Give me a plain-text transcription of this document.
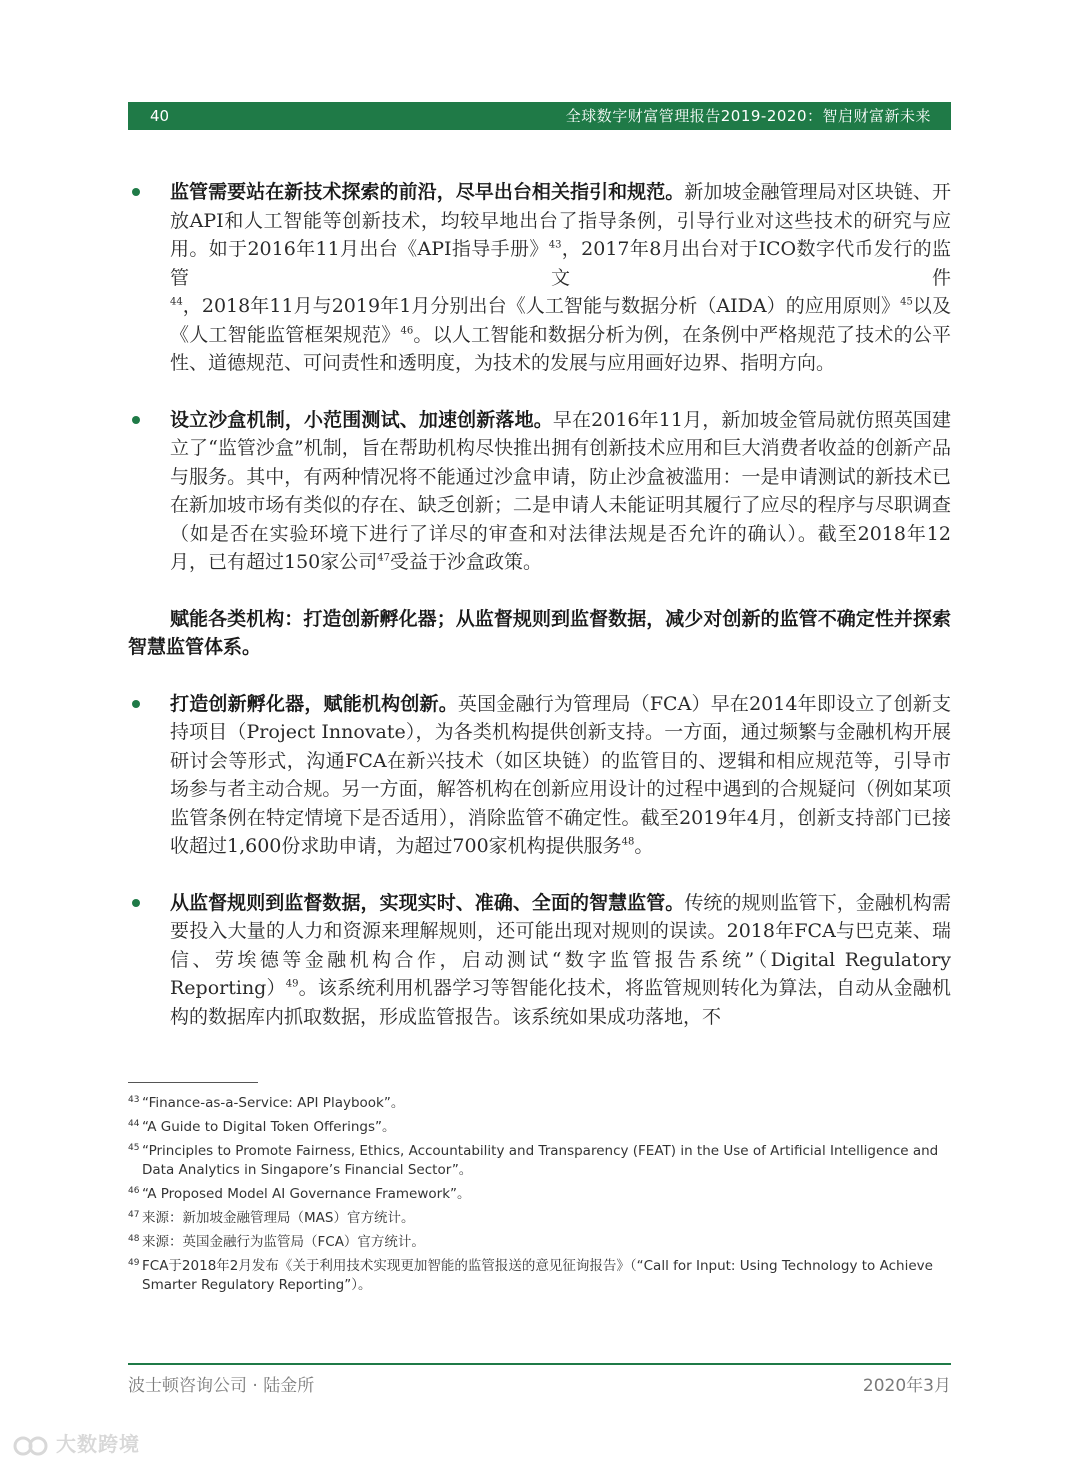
40	全球数字财富管理报告2019-2020：智启财富新未来

监管需要站在新技术探索的前沿，尽早出台相关指引和规范。新加坡金融管理局对区块链、开放API和人工智能等创新技术，均较早地出台了指导条例，引导行业对这些技术的研究与应用。如于2016年11月出台《API指导手册》$^{43}$，2017年8月出台对于ICO数字代币发行的监管文件$^{44}$，2018年11月与2019年1月分别出台《人工智能与数据分析（AIDA）的应用原则》$^{45}$以及《人工智能监管框架规范》$^{46}$。以人工智能和数据分析为例，在条例中严格规范了技术的公平性、道德规范、可问责性和透明度，为技术的发展与应用画好边界、指明方向。

设立沙盒机制，小范围测试、加速创新落地。早在2016年11月，新加坡金管局就仿照英国建立了“监管沙盒”机制，旨在帮助机构尽快推出拥有创新技术应用和巨大消费者收益的创新产品与服务。其中，有两种情况将不能通过沙盒申请，防止沙盒被滥用：一是申请测试的新技术已在新加坡市场有类似的存在、缺乏创新；二是申请人未能证明其履行了应尽的程序与尽职调查（如是否在实验环境下进行了详尽的审查和对法律法规是否允许的确认）。截至2018年12月，已有超过150家公司$^{47}$受益于沙盒政策。

赋能各类机构：打造创新孵化器；从监督规则到监督数据，减少对创新的监管不确定性并探索智慧监管体系。

打造创新孵化器，赋能机构创新。英国金融行为管理局（FCA）早在2014年即设立了创新支持项目（Project Innovate），为各类机构提供创新支持。一方面，通过频繁与金融机构开展研讨会等形式，沟通FCA在新兴技术（如区块链）的监管目的、逻辑和相应规范等，引导市场参与者主动合规。另一方面，解答机构在创新应用设计的过程中遇到的合规疑问（例如某项监管条例在特定情境下是否适用），消除监管不确定性。截至2019年4月，创新支持部门已接收超过1,600份求助申请，为超过700家机构提供服务$^{48}$。

从监督规则到监督数据，实现实时、准确、全面的智慧监管。传统的规则监管下，金融机构需要投入大量的人力和资源来理解规则，还可能出现对规则的误读。2018年FCA与巴克莱、瑞信、劳埃德等金融机构合作，启动测试“数字监管报告系统”（Digital Regulatory Reporting）$^{49}$。该系统利用机器学习等智能化技术，将监管规则转化为算法，自动从金融机构的数据库内抓取数据，形成监管报告。该系统如果成功落地，不

43 “Finance-as-a-Service: API Playbook”。
44 “A Guide to Digital Token Offerings”。
45 “Principles to Promote Fairness, Ethics, Accountability and Transparency (FEAT) in the Use of Artificial Intelligence and Data Analytics in Singapore’s Financial Sector”。
46 “A Proposed Model AI Governance Framework”。
47 来源：新加坡金融管理局（MAS）官方统计。
48 来源：英国金融行为监管局（FCA）官方统计。
49 FCA于2018年2月发布《关于利用技术实现更加智能的监管报送的意见征询报告》（“Call for Input: Using Technology to Achieve Smarter Regulatory Reporting”）。
波士顿咨询公司 · 陆金所	2020年3月
大数跨境
